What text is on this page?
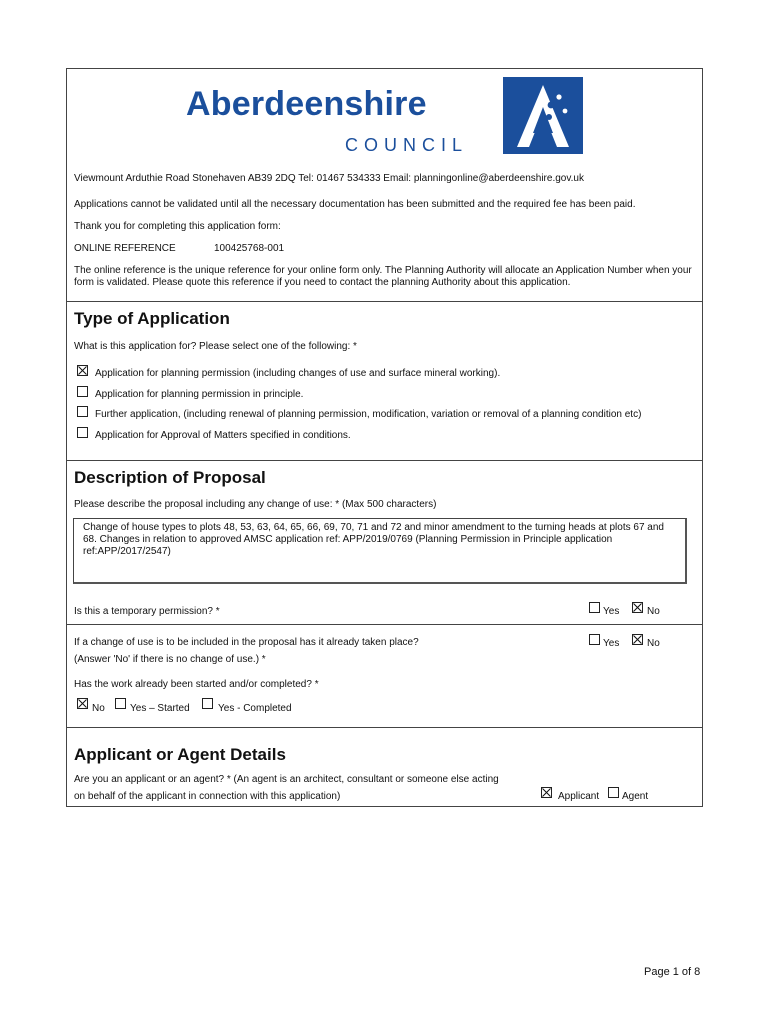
Aberdeenshire
COUNCIL
Viewmount Arduthie Road Stonehaven AB39 2DQ Tel: 01467 534333 Email: planningonline@aberdeenshire.gov.uk
Applications cannot be validated until all the necessary documentation has been submitted and the required fee has been paid.
Thank you for completing this application form:
ONLINE REFERENCE	100425768-001
The online reference is the unique reference for your online form only. The Planning Authority will allocate an Application Number when your form is validated. Please quote this reference if you need to contact the planning Authority about this application.
Type of Application
What is this application for? Please select one of the following: *
Application for planning permission (including changes of use and surface mineral working).
Application for planning permission in principle.
Further application, (including renewal of planning permission, modification, variation or removal of a planning condition etc)
Application for Approval of Matters specified in conditions.
Description of Proposal
Please describe the proposal including any change of use: * (Max 500 characters)
Change of house types to plots 48, 53, 63, 64, 65, 66, 69, 70, 71 and 72 and minor amendment to the turning heads at plots 67 and 68. Changes in relation to approved AMSC application ref: APP/2019/0769 (Planning Permission in Principle application ref:APP/2017/2547)
Is this a temporary permission? *	Yes	No
If a change of use is to be included in the proposal has it already taken place?
(Answer 'No' if there is no change of use.) *
Yes	No
Has the work already been started and/or completed? *
No	Yes – Started	Yes - Completed
Applicant or Agent Details
Are you an applicant or an agent? * (An agent is an architect, consultant or someone else acting
on behalf of the applicant in connection with this application)	Applicant Agent
Page 1 of 8
